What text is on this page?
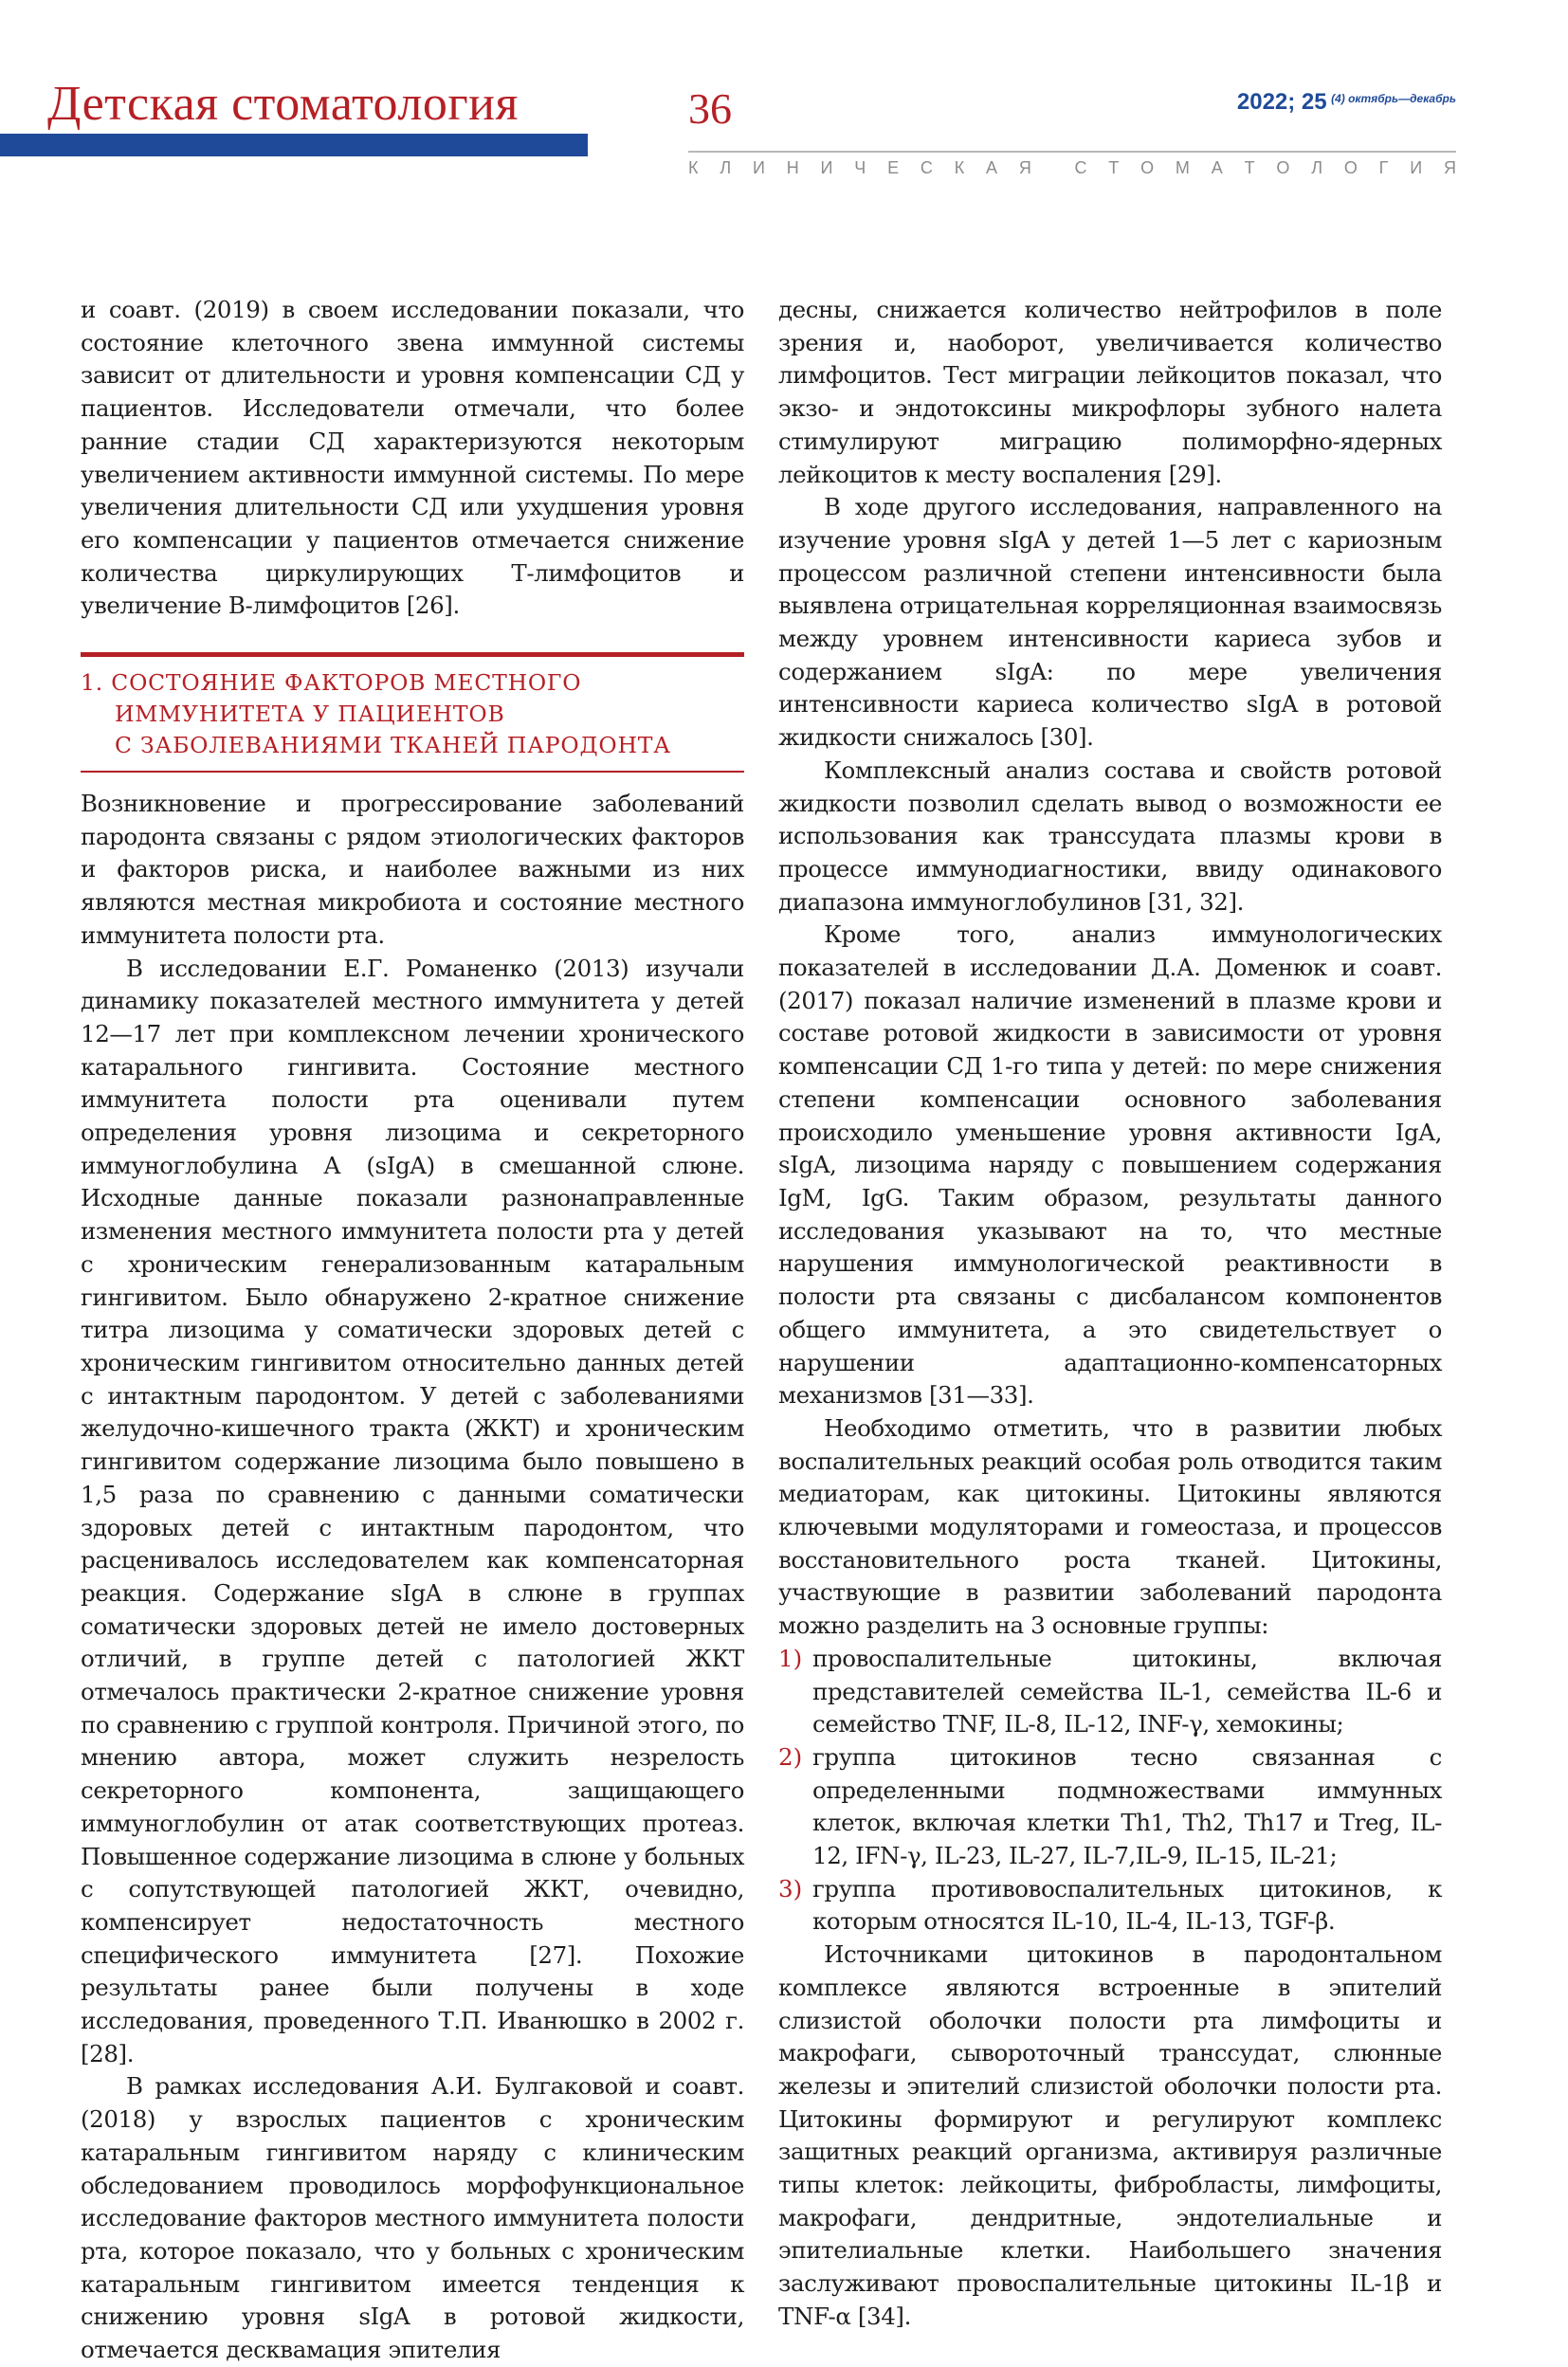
Детская стоматология	36	2022; 25 $^{(4) октябрь—декабрь}$
К Л И Н И Ч Е С К А Я	С Т О М А Т О Л О Г И Я

и соавт. (2019) в своем исследовании показали, что состояние клеточного звена иммунной системы зависит от длительности и уровня компенсации СД у пациентов. Исследователи отмечали, что более ранние стадии СД характеризуются некоторым увеличением активности иммунной системы. По мере увеличения длительности СД или ухудшения уровня его компенсации у пациентов отмечается снижение количества циркулирующих Т-лимфоцитов и увеличение В-лимфоцитов [26].

1. СОСТОЯНИЕ ФАКТОРОВ МЕСТНОГО
ИММУНИТЕТА У ПАЦИЕНТОВ
С ЗАБОЛЕВАНИЯМИ ТКАНЕЙ ПАРОДОНТА

Возникновение и прогрессирование заболеваний пародонта связаны с рядом этиологических факторов и факторов риска, и наиболее важными из них являются местная микробиота и состояние местного иммунитета полости рта.

В исследовании Е.Г. Романенко (2013) изучали динамику показателей местного иммунитета у детей 12—17 лет при комплексном лечении хронического катарального гингивита. Состояние местного иммунитета полости рта оценивали путем определения уровня лизоцима и секреторного иммуноглобулина А (sIgA) в смешанной слюне. Исходные данные показали разнонаправленные изменения местного иммунитета полости рта у детей с хроническим генерализованным катаральным гингивитом. Было обнаружено 2-кратное снижение титра лизоцима у соматически здоровых детей с хроническим гингивитом относительно данных детей с интактным пародонтом. У детей с заболеваниями желудочно-кишечного тракта (ЖКТ) и хроническим гингивитом содержание лизоцима было повышено в 1,5 раза по сравнению с данными соматически здоровых детей с интактным пародонтом, что расценивалось исследователем как компенсаторная реакция. Содержание sIgA в слюне в группах соматически здоровых детей не имело достоверных отличий, в группе детей с патологией ЖКТ отмечалось практически 2-кратное снижение уровня по сравнению с группой контроля. Причиной этого, по мнению автора, может служить незрелость секреторного компонента, защищающего иммуноглобулин от атак соответствующих протеаз. Повышенное содержание лизоцима в слюне у больных с сопутствующей патологией ЖКТ, очевидно, компенсирует недостаточность местного специфического иммунитета [27]. Похожие результаты ранее были получены в ходе исследования, проведенного Т.П. Иванюшко в 2002 г. [28].

В рамках исследования А.И. Булгаковой и соавт. (2018) у взрослых пациентов с хроническим катаральным гингивитом наряду с клиническим обследованием проводилось морфофункциональное исследование факторов местного иммунитета полости рта, которое показало, что у больных с хроническим катаральным гингивитом имеется тенденция к снижению уровня sIgA в ротовой жидкости, отмечается десквамация эпителия

десны, снижается количество нейтрофилов в поле зрения и, наоборот, увеличивается количество лимфоцитов. Тест миграции лейкоцитов показал, что экзо- и эндотоксины микрофлоры зубного налета стимулируют миграцию полиморфно-ядерных лейкоцитов к месту воспаления [29].

В ходе другого исследования, направленного на изучение уровня sIgA у детей 1—5 лет с кариозным процессом различной степени интенсивности была выявлена отрицательная корреляционная взаимосвязь между уровнем интенсивности кариеса зубов и содержанием sIgA: по мере увеличения интенсивности кариеса количество sIgA в ротовой жидкости снижалось [30].

Комплексный анализ состава и свойств ротовой жидкости позволил сделать вывод о возможности ее использования как транссудата плазмы крови в процессе иммунодиагностики, ввиду одинакового диапазона иммуноглобулинов [31, 32].

Кроме того, анализ иммунологических показателей в исследовании Д.А. Доменюк и соавт. (2017) показал наличие изменений в плазме крови и составе ротовой жидкости в зависимости от уровня компенсации СД 1-го типа у детей: по мере снижения степени компенсации основного заболевания происходило уменьшение уровня активности IgA, sIgA, лизоцима наряду с повышением содержания IgM, IgG. Таким образом, результаты данного исследования указывают на то, что местные нарушения иммунологической реактивности в полости рта связаны с дисбалансом компонентов общего иммунитета, а это свидетельствует о нарушении адаптационно-компенсаторных механизмов [31—33].

Необходимо отметить, что в развитии любых воспалительных реакций особая роль отводится таким медиаторам, как цитокины. Цитокины являются ключевыми модуляторами и гомеостаза, и процессов восстановительного роста тканей. Цитокины, участвующие в развитии заболеваний пародонта можно разделить на 3 основные группы:

1) провоспалительные цитокины, включая представителей семейства IL-1, семейства IL-6 и семейство TNF, IL-8, IL-12, INF-γ, хемокины;

2) группа цитокинов тесно связанная с определенными подмножествами иммунных клеток, включая клетки Th1, Th2, Th17 и Treg, IL-12, IFN-γ, IL-23, IL-27, IL-7,IL-9, IL-15, IL-21;

3) группа противовоспалительных цитокинов, к которым относятся IL-10, IL-4, IL-13, TGF-β.

Источниками цитокинов в пародонтальном комплексе являются встроенные в эпителий слизистой оболочки полости рта лимфоциты и макрофаги, сывороточный транссудат, слюнные железы и эпителий слизистой оболочки полости рта. Цитокины формируют и регулируют комплекс защитных реакций организма, активируя различные типы клеток: лейкоциты, фибробласты, лимфоциты, макрофаги, дендритные, эндотелиальные и эпителиальные клетки. Наибольшего значения заслуживают провоспалительные цитокины IL-1β и TNF-α [34].
